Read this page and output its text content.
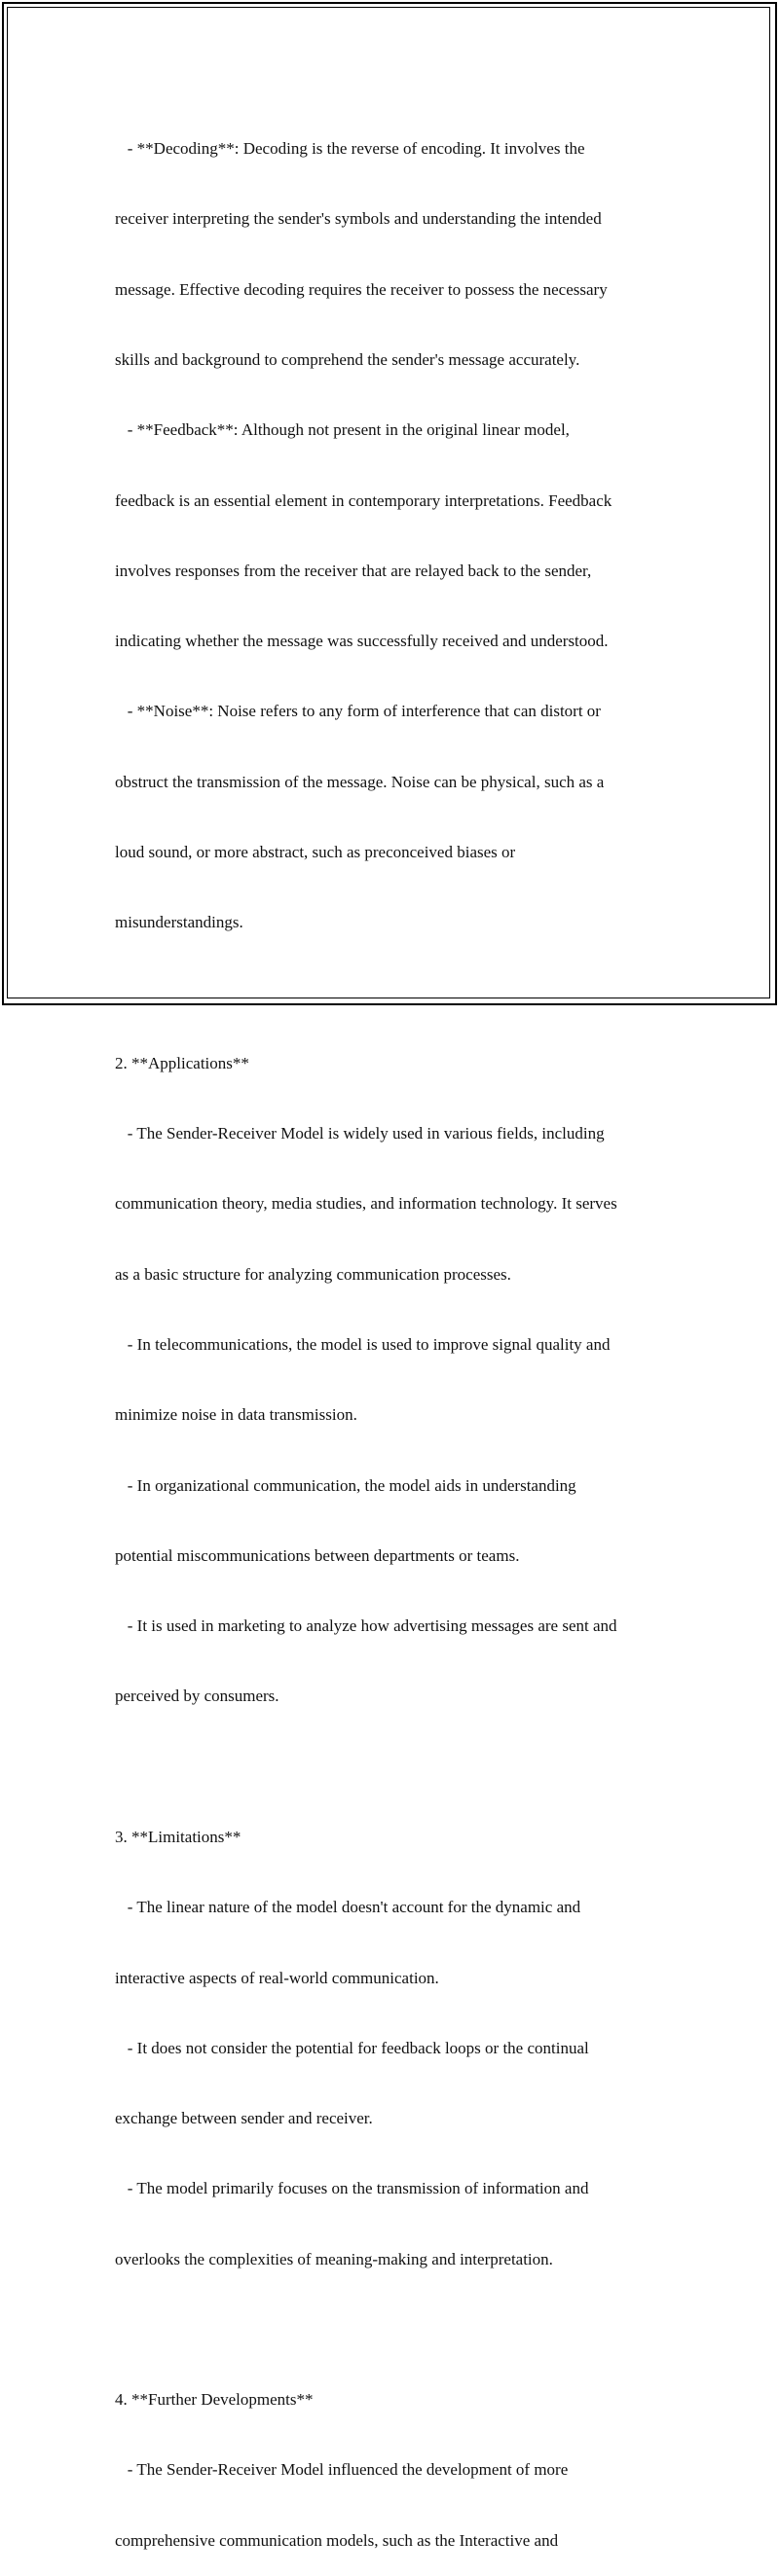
- **Decoding**: Decoding is the reverse of encoding. It involves the

receiver interpreting the sender's symbols and understanding the intended

message. Effective decoding requires the receiver to possess the necessary

skills and background to comprehend the sender's message accurately.

- **Feedback**: Although not present in the original linear model,

feedback is an essential element in contemporary interpretations. Feedback

involves responses from the receiver that are relayed back to the sender,

indicating whether the message was successfully received and understood.

- **Noise**: Noise refers to any form of interference that can distort or

obstruct the transmission of the message. Noise can be physical, such as a

loud sound, or more abstract, such as preconceived biases or

misunderstandings.

2. **Applications**

- The Sender-Receiver Model is widely used in various fields, including

communication theory, media studies, and information technology. It serves

as a basic structure for analyzing communication processes.

- In telecommunications, the model is used to improve signal quality and

minimize noise in data transmission.

- In organizational communication, the model aids in understanding

potential miscommunications between departments or teams.

- It is used in marketing to analyze how advertising messages are sent and

perceived by consumers.

3. **Limitations**

- The linear nature of the model doesn't account for the dynamic and

interactive aspects of real-world communication.

- It does not consider the potential for feedback loops or the continual

exchange between sender and receiver.

- The model primarily focuses on the transmission of information and

overlooks the complexities of meaning-making and interpretation.

4. **Further Developments**

- The Sender-Receiver Model influenced the development of more

comprehensive communication models, such as the Interactive and
